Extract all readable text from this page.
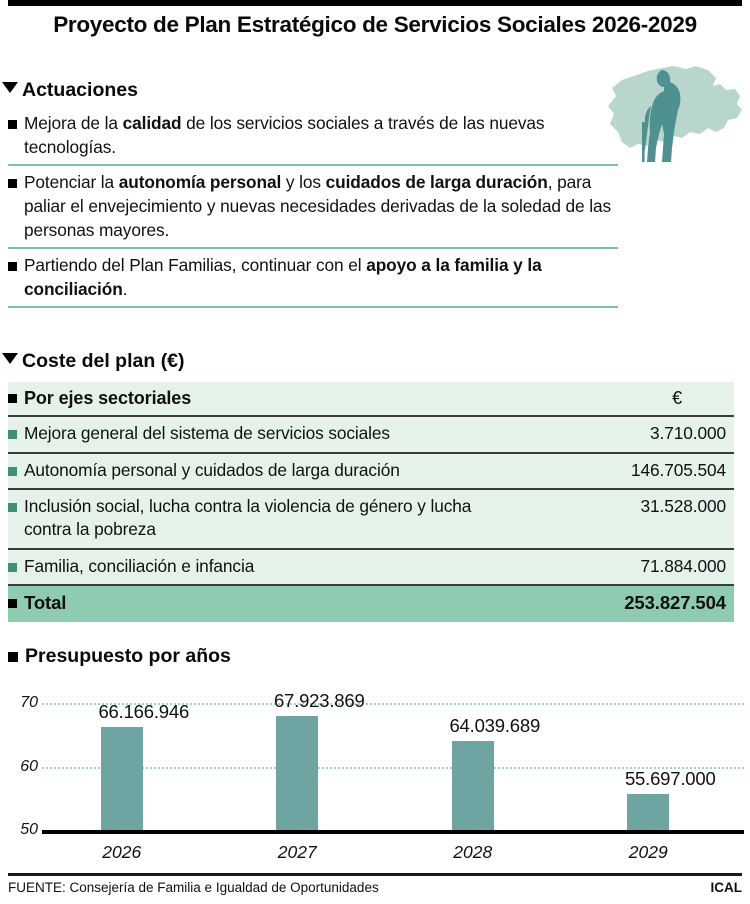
Proyecto de Plan Estratégico de Servicios Sociales 2026-2029
Actuaciones
Mejora de la calidad de los servicios sociales a través de las nuevas tecnologías.
Potenciar la autonomía personal y los cuidados de larga duración, para paliar el envejecimiento y nuevas necesidades derivadas de la soledad de las personas mayores.
Partiendo del Plan Familias, continuar con el apoyo a la familia y la conciliación.
Coste del plan (€)
Por ejes sectoriales	€

Mejora general del sistema de servicios sociales	3.710.000

Autonomía personal y cuidados de larga duración	146.705.504

Inclusión social, lucha contra la violencia de género y lucha contra la pobreza	31.528.000

Familia, conciliación e infancia	71.884.000

Total	253.827.504
Presupuesto por años
50
60
70	66.166.946
2026
67.923.869
2027
64.039.689
2028
55.697.000
2029
FUENTE: Consejería de Familia e Igualdad de Oportunidades	ICAL
